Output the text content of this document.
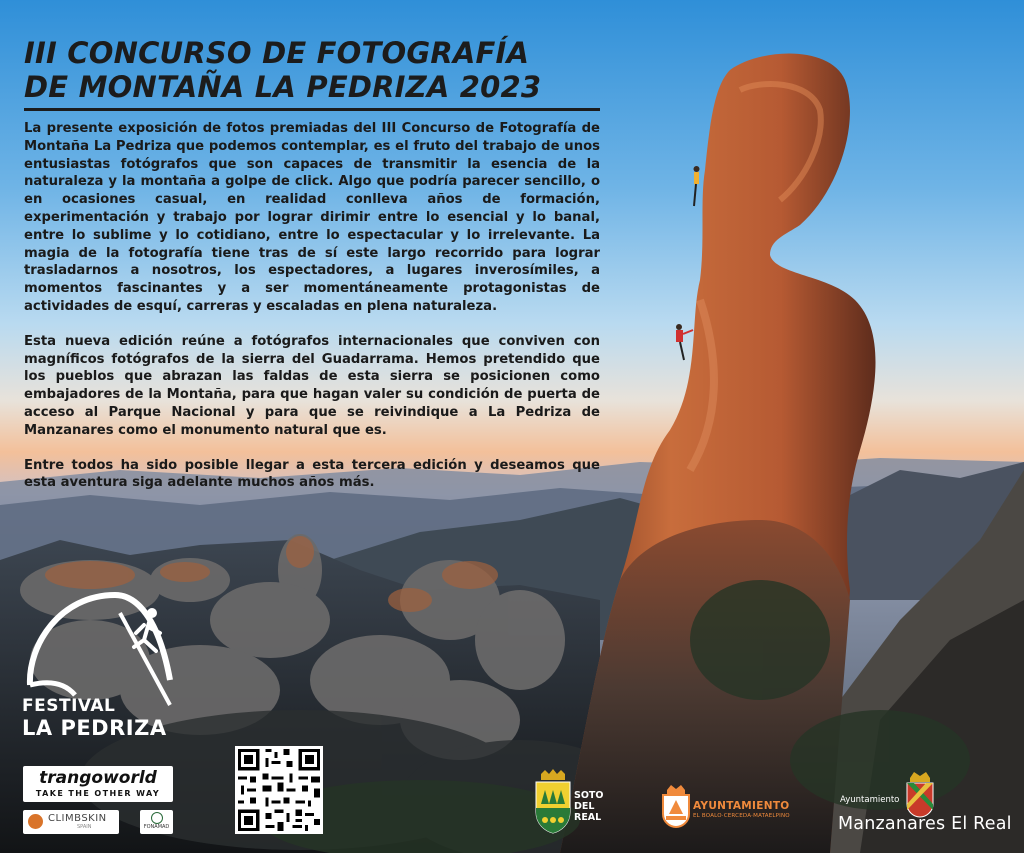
III CONCURSO DE FOTOGRAFÍA
DE MONTAÑA LA PEDRIZA 2023

La presente exposición de fotos premiadas del III Concurso de Fotografía de Montaña La Pedriza que podemos contemplar, es el fruto del trabajo de unos entusiastas fotógrafos que son capaces de transmitir la esencia de la naturaleza y la montaña a golpe de click. Algo que podría parecer sencillo, o en ocasiones casual, en realidad conlleva años de formación, experimentación y trabajo por lograr dirimir entre lo esencial y lo banal, entre lo sublime y lo cotidiano, entre lo espectacular y lo irrelevante. La magia de la fotografía tiene tras de sí este largo recorrido para lograr trasladarnos a nosotros, los espectadores, a lugares inverosímiles, a momentos fascinantes y a ser momentáneamente protagonistas de actividades de esquí, carreras y escaladas en plena naturaleza.

Esta nueva edición reúne a fotógrafos internacionales que conviven con magníficos fotógrafos de la sierra del Guadarrama. Hemos pretendido que los pueblos que abrazan las faldas de esta sierra se posicionen como embajadores de la Montaña, para que hagan valer su condición de puerta de acceso al Parque Nacional y para que se reivindique a La Pedriza de Manzanares como el monumento natural que es.

Entre todos ha sido posible llegar a esta tercera edición y deseamos que esta aventura siga adelante muchos años más.

FESTIVAL
LA PEDRIZA
trangoworld
TAKE THE OTHER WAY
CLIMBSKIN
SPAIN	FONAMAD
SOTO
DEL
REAL
AYUNTAMIENTO
EL BOALO·CERCEDA·MATAELPINO
Ayuntamiento
Manzanares El Real
